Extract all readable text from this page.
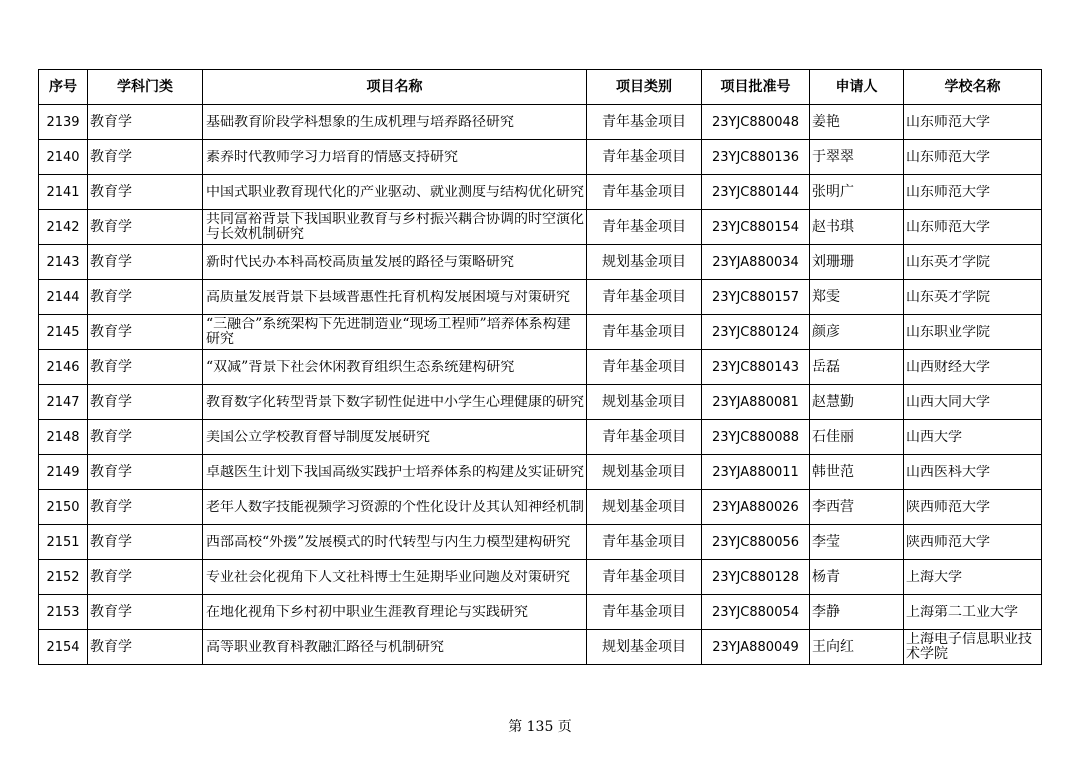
序号	学科门类	项目名称	项目类别	项目批准号	申请人	学校名称
2139	教育学	基础教育阶段学科想象的生成机理与培养路径研究	青年基金项目	23YJC880048	姜艳	山东师范大学

2140	教育学	素养时代教师学习力培育的情感支持研究	青年基金项目	23YJC880136	于翠翠	山东师范大学

2141	教育学	中国式职业教育现代化的产业驱动、就业测度与结构优化研究	青年基金项目	23YJC880144	张明广	山东师范大学

2142	教育学	共同富裕背景下我国职业教育与乡村振兴耦合协调的时空演化与长效机制研究	青年基金项目	23YJC880154	赵书琪	山东师范大学

2143	教育学	新时代民办本科高校高质量发展的路径与策略研究	规划基金项目	23YJA880034	刘珊珊	山东英才学院

2144	教育学	高质量发展背景下县域普惠性托育机构发展困境与对策研究	青年基金项目	23YJC880157	郑雯	山东英才学院

2145	教育学	“三融合”系统架构下先进制造业“现场工程师”培养体系构建研究	青年基金项目	23YJC880124	颜彦	山东职业学院

2146	教育学	“双减”背景下社会休闲教育组织生态系统建构研究	青年基金项目	23YJC880143	岳磊	山西财经大学

2147	教育学	教育数字化转型背景下数字韧性促进中小学生心理健康的研究	规划基金项目	23YJA880081	赵慧勤	山西大同大学

2148	教育学	美国公立学校教育督导制度发展研究	青年基金项目	23YJC880088	石佳丽	山西大学

2149	教育学	卓越医生计划下我国高级实践护士培养体系的构建及实证研究	规划基金项目	23YJA880011	韩世范	山西医科大学

2150	教育学	老年人数字技能视频学习资源的个性化设计及其认知神经机制	规划基金项目	23YJA880026	李西营	陕西师范大学

2151	教育学	西部高校“外援”发展模式的时代转型与内生力模型建构研究	青年基金项目	23YJC880056	李莹	陕西师范大学

2152	教育学	专业社会化视角下人文社科博士生延期毕业问题及对策研究	青年基金项目	23YJC880128	杨青	上海大学

2153	教育学	在地化视角下乡村初中职业生涯教育理论与实践研究	青年基金项目	23YJC880054	李静	上海第二工业大学

2154	教育学	高等职业教育科教融汇路径与机制研究	规划基金项目	23YJA880049	王向红	上海电子信息职业技术学院
第 135 页
